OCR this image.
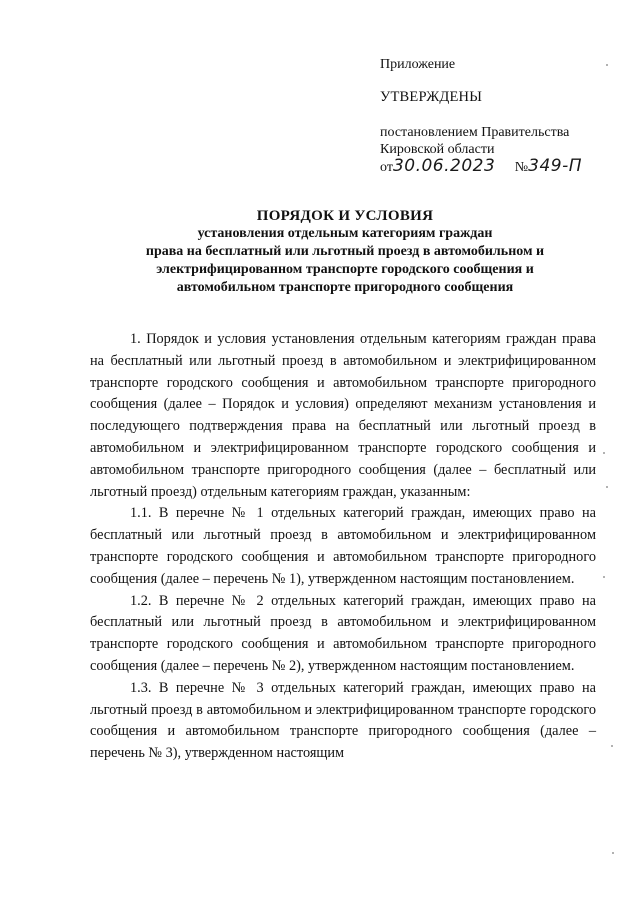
Приложение
УТВЕРЖДЕНЫ
постановлением Правительства
Кировской области
от30.06.2023 №349-П
ПОРЯДОК И УСЛОВИЯ
установления отдельным категориям граждан
права на бесплатный или льготный проезд в автомобильном и
электрифицированном транспорте городского сообщения и
автомобильном транспорте пригородного сообщения

1. Порядок и условия установления отдельным категориям граждан права на бесплатный или льготный проезд в автомобильном и электрифицированном транспорте городского сообщения и автомобильном транспорте пригородного сообщения (далее – Порядок и условия) определяют механизм установления и последующего подтверждения права на бесплатный или льготный проезд в автомобильном и электрифицированном транспорте городского сообщения и автомобильном транспорте пригородного сообщения (далее – бесплатный или льготный проезд) отдельным категориям граждан, указанным:

1.1. В перечне № 1 отдельных категорий граждан, имеющих право на бесплатный или льготный проезд в автомобильном и электрифицированном транспорте городского сообщения и автомобильном транспорте пригородного сообщения (далее – перечень № 1), утвержденном настоящим постановлением.

1.2. В перечне № 2 отдельных категорий граждан, имеющих право на бесплатный или льготный проезд в автомобильном и электрифицированном транспорте городского сообщения и автомобильном транспорте пригородного сообщения (далее – перечень № 2), утвержденном настоящим постановлением.

1.3. В перечне № 3 отдельных категорий граждан, имеющих право на льготный проезд в автомобильном и электрифицированном транспорте городского сообщения и автомобильном транспорте пригородного сообщения (далее – перечень № 3), утвержденном настоящим
